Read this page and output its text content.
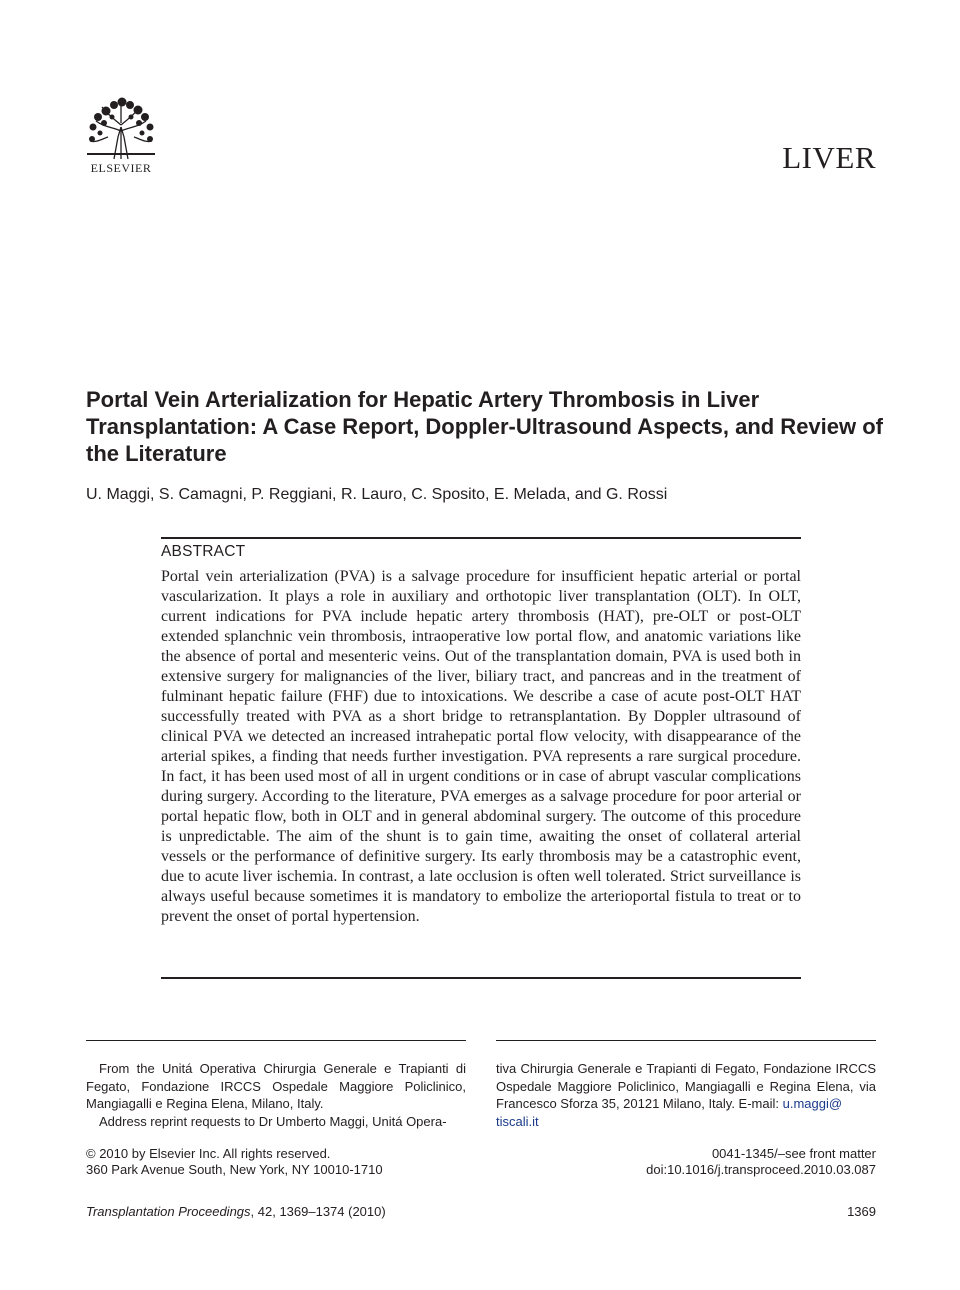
ELSEVIER	LIVER
Portal Vein Arterialization for Hepatic Artery Thrombosis in Liver Transplantation: A Case Report, Doppler-Ultrasound Aspects, and Review of the Literature
U. Maggi, S. Camagni, P. Reggiani, R. Lauro, C. Sposito, E. Melada, and G. Rossi
ABSTRACT
Portal vein arterialization (PVA) is a salvage procedure for insufficient hepatic arterial or portal vascularization. It plays a role in auxiliary and orthotopic liver transplantation (OLT). In OLT, current indications for PVA include hepatic artery thrombosis (HAT), pre-OLT or post-OLT extended splanchnic vein thrombosis, intraoperative low portal flow, and anatomic variations like the absence of portal and mesenteric veins. Out of the transplantation domain, PVA is used both in extensive surgery for malignancies of the liver, biliary tract, and pancreas and in the treatment of fulminant hepatic failure (FHF) due to intoxications. We describe a case of acute post-OLT HAT successfully treated with PVA as a short bridge to retransplantation. By Doppler ultrasound of clinical PVA we detected an increased intrahepatic portal flow velocity, with disappearance of the arterial spikes, a finding that needs further investigation. PVA represents a rare surgical procedure. In fact, it has been used most of all in urgent conditions or in case of abrupt vascular complications during surgery. According to the literature, PVA emerges as a salvage procedure for poor arterial or portal hepatic flow, both in OLT and in general abdominal surgery. The outcome of this procedure is unpredictable. The aim of the shunt is to gain time, awaiting the onset of collateral arterial vessels or the performance of definitive surgery. Its early thrombosis may be a catastrophic event, due to acute liver ischemia. In contrast, a late occlusion is often well tolerated. Strict surveillance is always useful because sometimes it is mandatory to embolize the arterioportal fistula to treat or to prevent the onset of portal hypertension.
From the Unitá Operativa Chirurgia Generale e Trapianti di Fegato, Fondazione IRCCS Ospedale Maggiore Policlinico, Mangiagalli e Regina Elena, Milano, Italy.
Address reprint requests to Dr Umberto Maggi, Unitá Opera-
tiva Chirurgia Generale e Trapianti di Fegato, Fondazione IRCCS Ospedale Maggiore Policlinico, Mangiagalli e Regina Elena, via Francesco Sforza 35, 20121 Milano, Italy. E-mail: u.maggi@
tiscali.it
© 2010 by Elsevier Inc. All rights reserved.
360 Park Avenue South, New York, NY 10010-1710
0041-1345/–see front matter
doi:10.1016/j.transproceed.2010.03.087
Transplantation Proceedings, 42, 1369–1374 (2010)	1369
